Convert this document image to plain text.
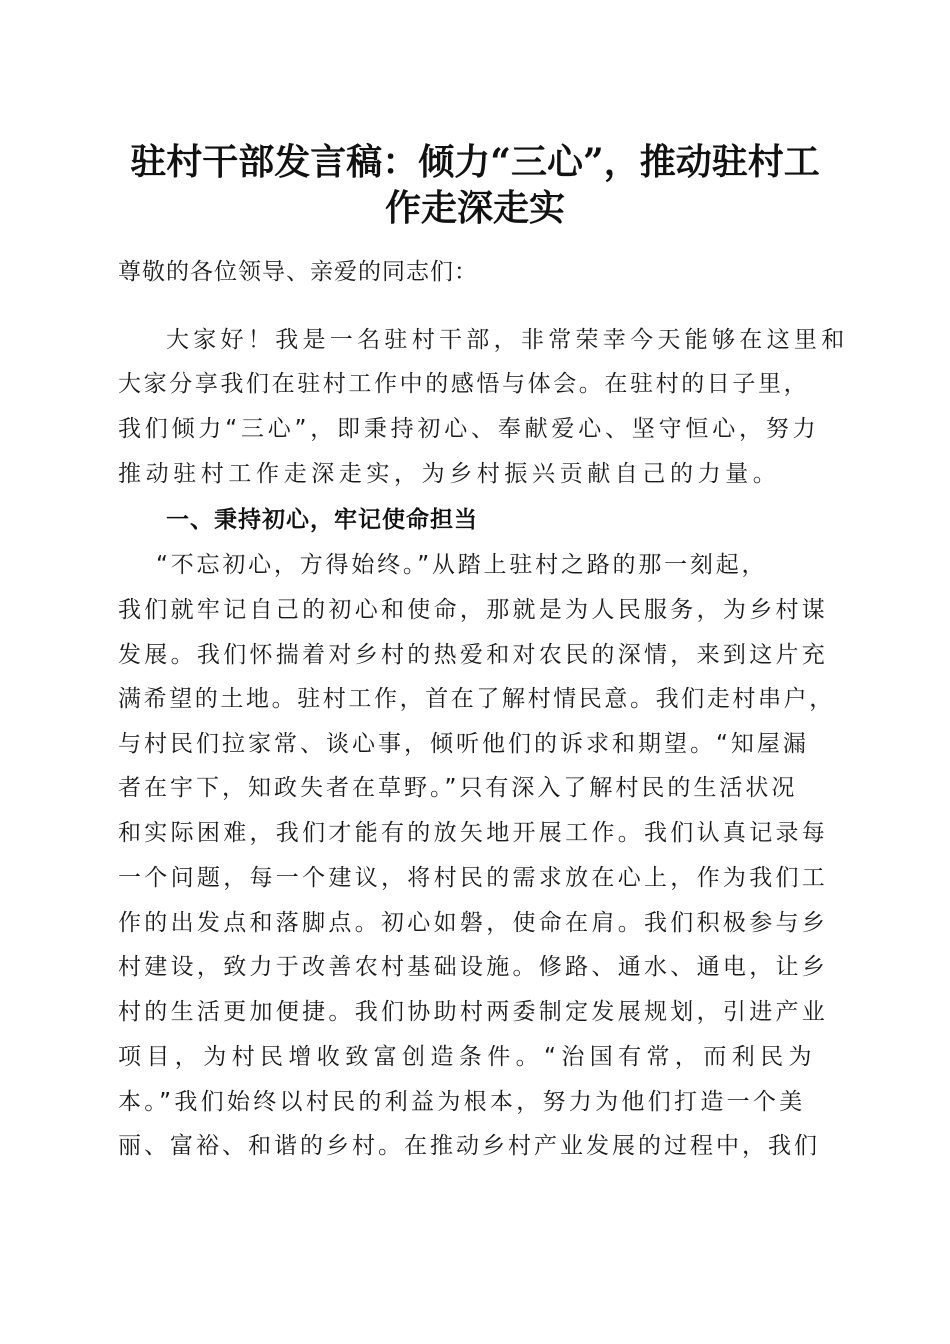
驻村干部发言稿：倾力“三心”，推动驻村工
作走深走实
尊敬的各位领导、亲爱的同志们：
大家好！我是一名驻村干部，非常荣幸今天能够在这里和
大家分享我们在驻村工作中的感悟与体会。在驻村的日子里，
我们倾力“三心”，即秉持初心、奉献爱心、坚守恒心，努力
推动驻村工作走深走实，为乡村振兴贡献自己的力量。
一、秉持初心，牢记使命担当
“不忘初心，方得始终。”从踏上驻村之路的那一刻起，
我们就牢记自己的初心和使命，那就是为人民服务，为乡村谋
发展。我们怀揣着对乡村的热爱和对农民的深情，来到这片充
满希望的土地。驻村工作，首在了解村情民意。我们走村串户，
与村民们拉家常、谈心事，倾听他们的诉求和期望。“知屋漏
者在宇下，知政失者在草野。”只有深入了解村民的生活状况
和实际困难，我们才能有的放矢地开展工作。我们认真记录每
一个问题，每一个建议，将村民的需求放在心上，作为我们工
作的出发点和落脚点。初心如磐，使命在肩。我们积极参与乡
村建设，致力于改善农村基础设施。修路、通水、通电，让乡
村的生活更加便捷。我们协助村两委制定发展规划，引进产业
项目，为村民增收致富创造条件。“治国有常，而利民为
本。”我们始终以村民的利益为根本，努力为他们打造一个美
丽、富裕、和谐的乡村。在推动乡村产业发展的过程中，我们
